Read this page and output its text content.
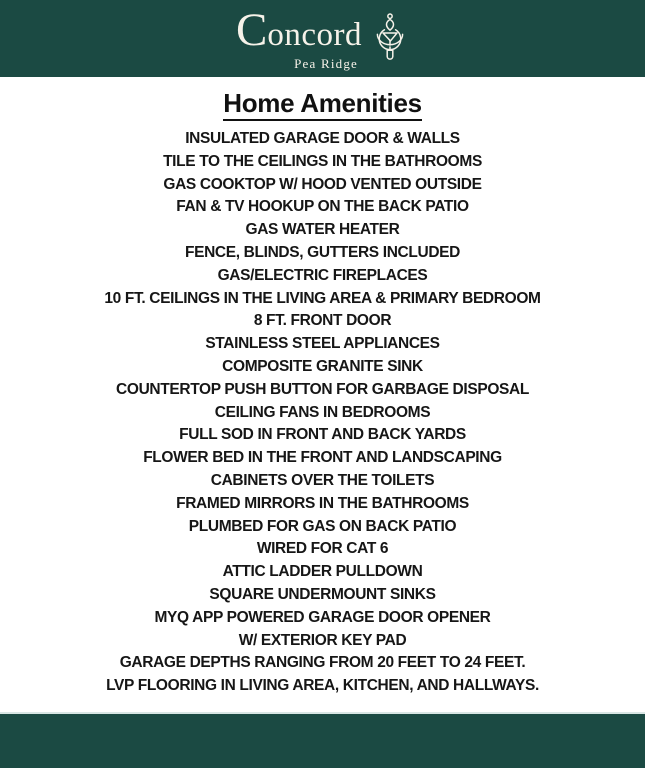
Concord
Pea Ridge
Home Amenities
INSULATED GARAGE DOOR & WALLS
TILE TO THE CEILINGS IN THE BATHROOMS
GAS COOKTOP W/ HOOD VENTED OUTSIDE
FAN & TV HOOKUP ON THE BACK PATIO
GAS WATER HEATER
FENCE, BLINDS, GUTTERS INCLUDED
GAS/ELECTRIC FIREPLACES
10 FT. CEILINGS IN THE LIVING AREA & PRIMARY BEDROOM
8 FT. FRONT DOOR
STAINLESS STEEL APPLIANCES
COMPOSITE GRANITE SINK
COUNTERTOP PUSH BUTTON FOR GARBAGE DISPOSAL
CEILING FANS IN BEDROOMS
FULL SOD IN FRONT AND BACK YARDS
FLOWER BED IN THE FRONT AND LANDSCAPING
CABINETS OVER THE TOILETS
FRAMED MIRRORS IN THE BATHROOMS
PLUMBED FOR GAS ON BACK PATIO
WIRED FOR CAT 6
ATTIC LADDER PULLDOWN
SQUARE UNDERMOUNT SINKS
MYQ APP POWERED GARAGE DOOR OPENER
W/ EXTERIOR KEY PAD
GARAGE DEPTHS RANGING FROM 20 FEET TO 24 FEET.
LVP FLOORING IN LIVING AREA, KITCHEN, AND HALLWAYS.
